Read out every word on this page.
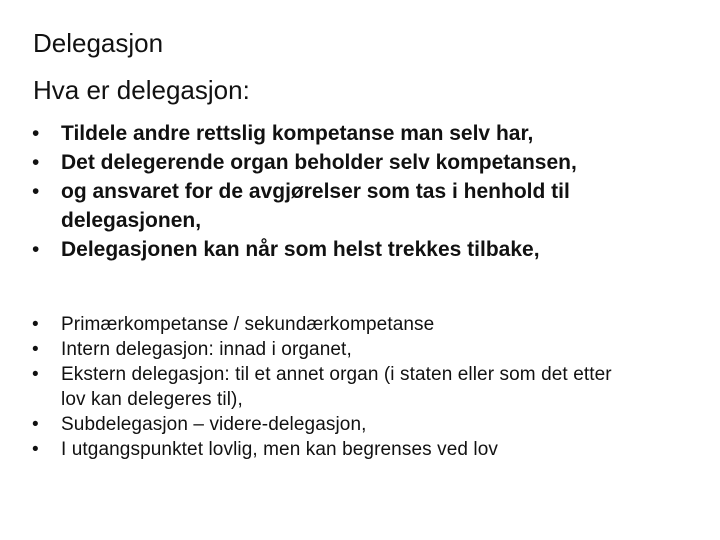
Delegasjon
Hva er delegasjon:
• Tildele andre rettslig kompetanse man selv har,
• Det delegerende organ beholder selv kompetansen,
• og ansvaret for de avgjørelser som tas i henhold til delegasjonen,
• Delegasjonen kan når som helst trekkes tilbake,
• Primærkompetanse / sekundærkompetanse
• Intern delegasjon: innad i organet,
• Ekstern delegasjon: til et annet organ (i staten eller som det etter lov kan delegeres til),
• Subdelegasjon – videre-delegasjon,
• I utgangspunktet lovlig, men kan begrenses ved lov
